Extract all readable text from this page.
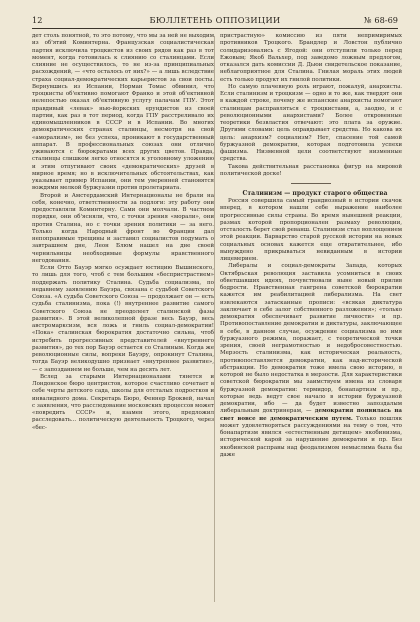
12	БЮЛЛЕТЕНЬ ОППОЗИЦИИ	№ 68-69

дет столь понятной, то это потому, что мы за ней не выходим из об'ятий Коминтерна. Французская социалистическая партия исключила троцкистов из своих рядов как раз в тот момент, когда готовилась к слиянию со сталинцами. Если слияние не осуществилось, то не из-за принципиальных расхождений, — «что осталось от них?» — а лишь вследствие страха социал-демократических карьеристов за свои посты. Вернувшись из Испании, Норман Томас обвинил, что троцкисты об'ективно помогают Франко и этой об'ективной нелепостью оказал об'ективную услугу палачам ГПУ. Этот правдивый «левак» нью-йоркских ерундистов из своей партии, как раз в тот период, когда ГПУ расстреливало их единомышленников в СССР и в Испании. Во многих демократических странах сталинцы, несмотря на свой «аморализм», не без успеха, проникают в государственный аппарат. В профессиональных союзах они отлично уживаются с бюрократами всех других цветов. Правда, сталинцы слишком легко относятся к уголовному уложению и этим отпугивают своих «демократических» друзей в мирное время; но в исключительных обстоятельствах, как указывает пример Испании, они тем уверенней становятся вождями мелкой буржуазии против пролетариата.

Второй и Амстердамский Интернационалы не брали на себя, конечно, ответственности за подлоги: эту работу они предоставляли Коминтерну. Сами они молчали. В частном порядке, они об'ясняли, что, с точки зрения «морали», они против Сталина, но с точки зрения политики — за него. Только когда Народный фронт во Франции дал непоправимые трещины и заставил социалистов подумать о завтрашнем дне, Леон Блюм нашел на дне своей чернильницы необходимые формулы нравственного негодования.

Если Отто Бауэр мягко осуждает юстицию Вышинского, то лишь для того, чтоб с тем большим «беспристрастием» поддержать политику Сталина. Судьба социализма, по недавнему заявлению Бауэра, связана с судьбой Советского Союза. «А судьба Советского Союза — продолжает он — есть судьба сталинизма, пока (!) внутреннее развитие самого Советского Союза не преодолеет сталинской фазы развития». В этой великолепной фразе весь Бауэр, весь австромарксизм, вся ложь и гниль социал-демократии! «Пока» сталинская бюрократия достаточно сильна, чтоб истребить прогрессивных представителей «внутреннего развития», до тех пор Бауэр остается со Сталиным. Когда же революционные силы, вопреки Бауэру, опрокинут Сталина, тогда Бауэр великодушно признает «внутреннее развитие», — с запозданием не больше, чем на десять лет.

Вслед за старыми Интернационалами тянется и Лондонское бюро центристов, которое счастливо сочетает в себе черты детского сада, школы для отсталых подростков и инвалидного дома. Секретарь Бюро, Феннер Броквей, начал с заявления, что расследование московских процессов может «повредить СССР» и, взамен этого, предложил расследовать... политическую деятельность Троцкого, через «бес-

пристрастную» комиссию из пяти непримиримых противников Троцкого. Брандлер и Ловстон публично солидаризовались с Ягодой: они отступили только перед Ежовым; Якоб Вальхер, под заведомо ложным предлогом, отказался дать комиссии Д. Дьюи свидетельское показание, неблагоприятное для Сталина. Гнилая мораль этих людей есть только продукт их гнилой политики.

Но самую плачевную роль играют, пожалуй, анархисты. Если сталинизм и троцкизм — одно и то же, как твердят они в каждой строке, почему же испанские анархисты помогают сталинцам расправляться с троцкистами, а, заодно, и с революционными анархистами? Более откровенные теоретики безвластия отвечают: это плата за оружие. Другими словами: цель оправдывает средства. Но какова их цель: анархизм? социализм? Нет, спасение той самой буржуазной демократии, которая подготовила успехи фашизма. Низменной цели соответствуют низменные средства.

Такова действительная расстановка фигур на мировой политической доске!

Сталинизм — продукт старого общества

Россия совершила самый грандиозный в истории скачок вперед, в котором нашли себе выражение наиболее прогрессивные силы страны. Во время нынешней реакции, размах которой пропорционален размаху революции, отсталость берет свой реванш. Сталинизм стал воплощением этой реакции. Варварство старой русской истории на новых социальных основах кажется еще отвратительнее, ибо вынуждено прикрываться невиданным в истории лицемерием.

Либералы и социал-демократы Запада, которых Октябрьская революция заставила усомниться в своих обветшавших идеях, почувствовали ныне новый прилив бодрости. Нравственная гангрена советской бюрократии кажется им реабилитацией либерализма. На свет извлекаются затасканные прописи: «всякая диктатура заключает в себе залог собственного разложения»; «только демократия обеспечивает развитие личности» и пр. Противопоставление демократии и диктатуры, заключающее в себе, в данном случае, осуждение социализма во имя буржуазного режима, поражает, с теоретической точки зрения, своей неграмотностью и недобросовестностью. Мерзость сталинизма, как историческая реальность, противопоставляется демократии, как над-исторической абстракции. Но демократия тоже имела свою историю, в которой не было недостатка в мерзости. Для характеристики советской бюрократии мы заимствуем имена из словаря буржуазной демократии: термидор, бонапартизм и пр., которые ведь ведут свое начало в истории буржуазной демократии, ибо — да будет известно запоздалым либеральным доктринерам, — демократия появилась на свет вовсе не демократическим путем. Только пошляк может удовлетворяться рассуждениями на тему о том, что бонапартизм явился «естественным детищем» якобинизма, исторической карой за нарушение демократии и пр. Без якобинской расправы над феодализмом немыслима была бы даже
